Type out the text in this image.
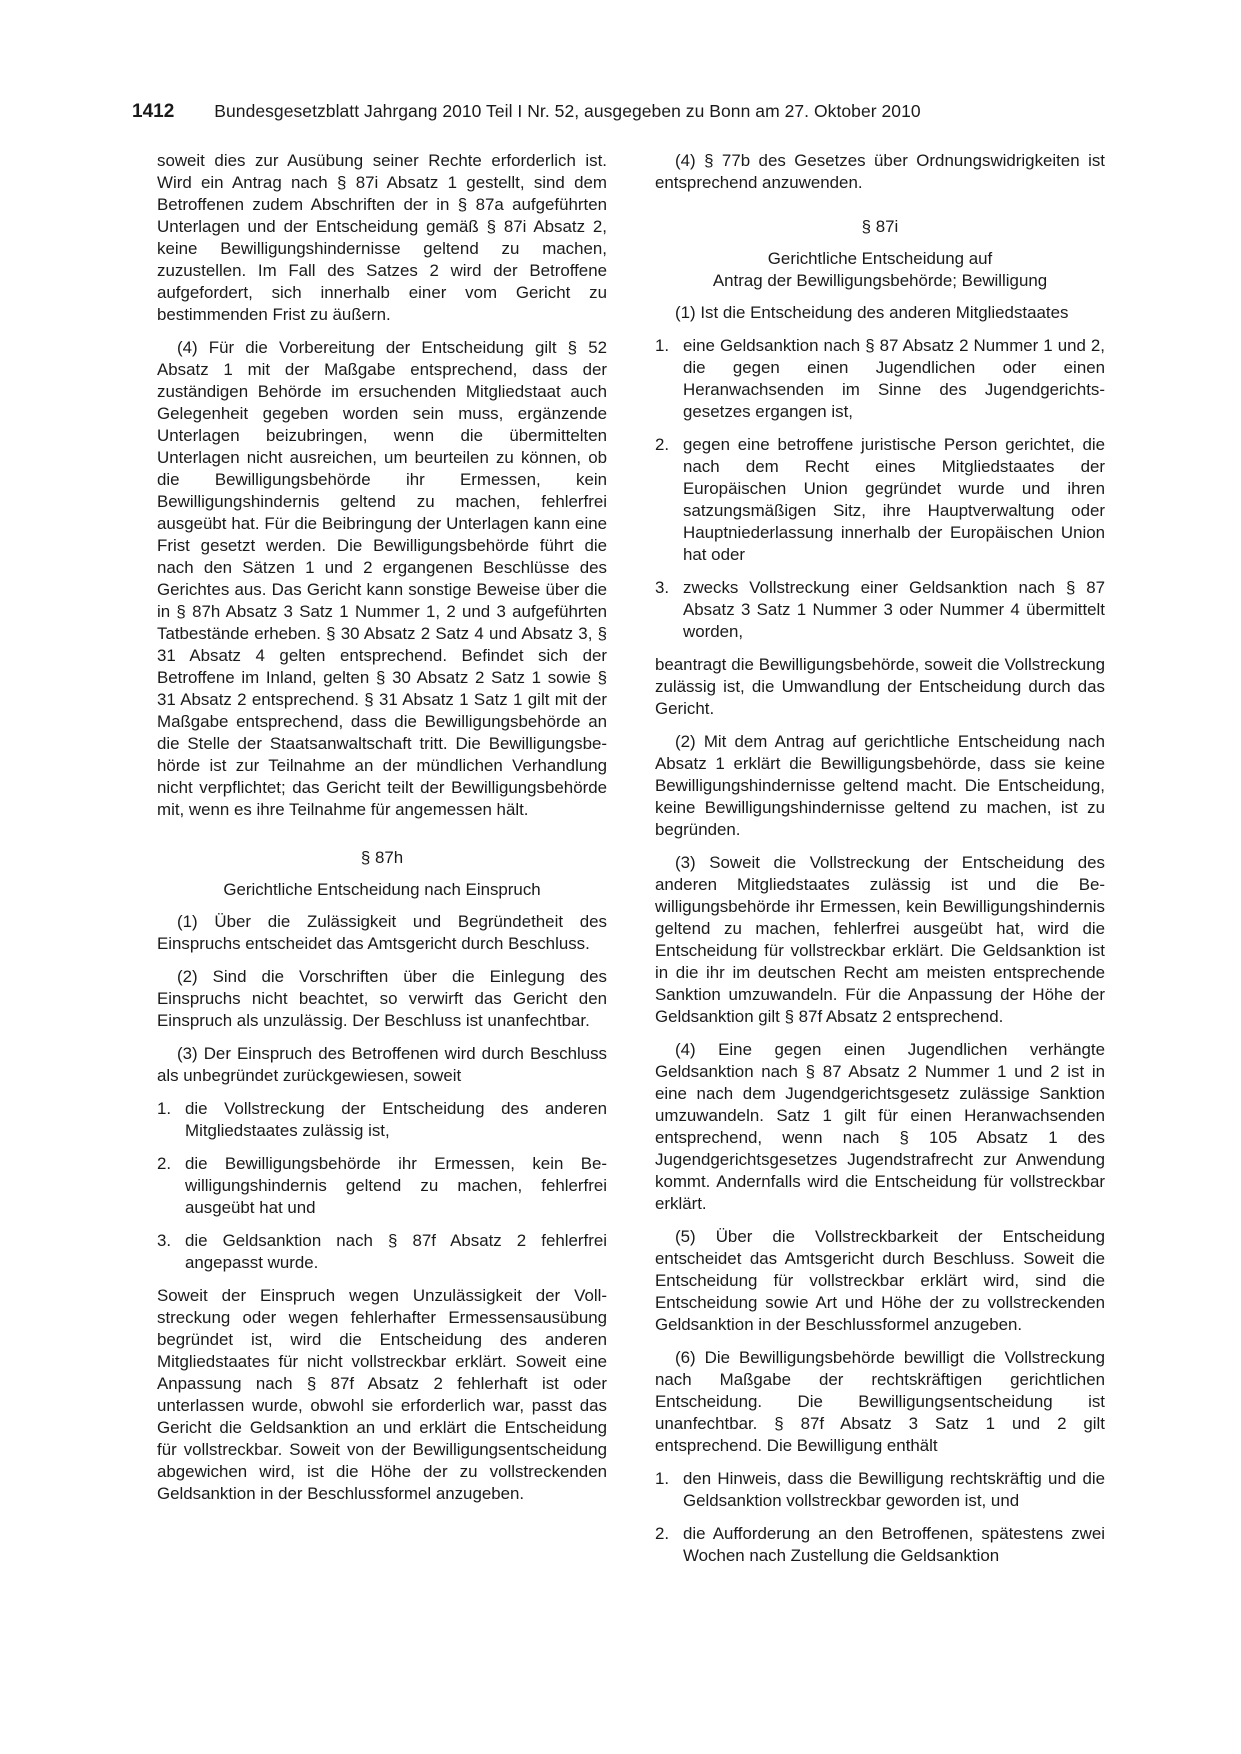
1412 Bundesgesetzblatt Jahrgang 2010 Teil I Nr. 52, ausgegeben zu Bonn am 27. Oktober 2010

soweit dies zur Ausübung seiner Rechte erforderlich ist. Wird ein Antrag nach § 87i Absatz 1 gestellt, sind dem Betroffenen zudem Abschriften der in § 87a aufgeführten Unterlagen und der Entscheidung gemäß § 87i Absatz 2, keine Bewilligungshindernisse geltend zu machen, zuzustellen. Im Fall des Satzes 2 wird der Betroffene aufgefordert, sich innerhalb einer vom Gericht zu bestimmenden Frist zu äußern.

(4) Für die Vorbereitung der Entscheidung gilt § 52 Absatz 1 mit der Maßgabe entsprechend, dass der zuständigen Behörde im ersuchenden Mitgliedstaat auch Gelegenheit gegeben worden sein muss, ergänzende Unterlagen beizubringen, wenn die übermittelten Unterlagen nicht ausreichen, um beurteilen zu können, ob die Bewilligungsbehörde ihr Ermessen, kein Bewilligungshindernis geltend zu machen, fehlerfrei ausgeübt hat. Für die Beibringung der Unterlagen kann eine Frist gesetzt werden. Die Bewilligungsbehörde führt die nach den Sätzen 1 und 2 ergangenen Beschlüsse des Gerichtes aus. Das Gericht kann sonstige Beweise über die in § 87h Absatz 3 Satz 1 Nummer 1, 2 und 3 aufgeführten Tatbestände erheben. § 30 Absatz 2 Satz 4 und Absatz 3, § 31 Absatz 4 gelten entsprechend. Befindet sich der Betroffene im Inland, gelten § 30 Absatz 2 Satz 1 sowie § 31 Absatz 2 entsprechend. § 31 Absatz 1 Satz 1 gilt mit der Maßgabe entsprechend, dass die Bewilligungsbehörde an die Stelle der Staatsanwaltschaft tritt. Die Bewilligungsbehörde ist zur Teilnahme an der mündlichen Verhandlung nicht verpflichtet; das Gericht teilt der Bewilligungsbehörde mit, wenn es ihre Teilnahme für angemessen hält.

§ 87h
Gerichtliche Entscheidung nach Einspruch

(1) Über die Zulässigkeit und Begründetheit des Einspruchs entscheidet das Amtsgericht durch Beschluss.

(2) Sind die Vorschriften über die Einlegung des Einspruchs nicht beachtet, so verwirft das Gericht den Einspruch als unzulässig. Der Beschluss ist unanfechtbar.

(3) Der Einspruch des Betroffenen wird durch Beschluss als unbegründet zurückgewiesen, soweit

1. die Vollstreckung der Entscheidung des anderen Mitgliedstaates zulässig ist,
2. die Bewilligungsbehörde ihr Ermessen, kein Bewilligungshindernis geltend zu machen, fehlerfrei ausgeübt hat und
3. die Geldsanktion nach § 87f Absatz 2 fehlerfrei angepasst wurde.

Soweit der Einspruch wegen Unzulässigkeit der Vollstreckung oder wegen fehlerhafter Ermessensausübung begründet ist, wird die Entscheidung des anderen Mitgliedstaates für nicht vollstreckbar erklärt. Soweit eine Anpassung nach § 87f Absatz 2 fehlerhaft ist oder unterlassen wurde, obwohl sie erforderlich war, passt das Gericht die Geldsanktion an und erklärt die Entscheidung für vollstreckbar. Soweit von der Bewilligungsentscheidung abgewichen wird, ist die Höhe der zu vollstreckenden Geldsanktion in der Beschlussformel anzugeben.

(4) § 77b des Gesetzes über Ordnungswidrigkeiten ist entsprechend anzuwenden.

§ 87i
Gerichtliche Entscheidung auf
Antrag der Bewilligungsbehörde; Bewilligung

(1) Ist die Entscheidung des anderen Mitgliedstaates

1. eine Geldsanktion nach § 87 Absatz 2 Nummer 1 und 2, die gegen einen Jugendlichen oder einen Heranwachsenden im Sinne des Jugendgerichtsgesetzes ergangen ist,
2. gegen eine betroffene juristische Person gerichtet, die nach dem Recht eines Mitgliedstaates der Europäischen Union gegründet wurde und ihren satzungsmäßigen Sitz, ihre Hauptverwaltung oder Hauptniederlassung innerhalb der Europäischen Union hat oder
3. zwecks Vollstreckung einer Geldsanktion nach § 87 Absatz 3 Satz 1 Nummer 3 oder Nummer 4 übermittelt worden,

beantragt die Bewilligungsbehörde, soweit die Vollstreckung zulässig ist, die Umwandlung der Entscheidung durch das Gericht.

(2) Mit dem Antrag auf gerichtliche Entscheidung nach Absatz 1 erklärt die Bewilligungsbehörde, dass sie keine Bewilligungshindernisse geltend macht. Die Entscheidung, keine Bewilligungshindernisse geltend zu machen, ist zu begründen.

(3) Soweit die Vollstreckung der Entscheidung des anderen Mitgliedstaates zulässig ist und die Bewilligungsbehörde ihr Ermessen, kein Bewilligungshindernis geltend zu machen, fehlerfrei ausgeübt hat, wird die Entscheidung für vollstreckbar erklärt. Die Geldsanktion ist in die ihr im deutschen Recht am meisten entsprechende Sanktion umzuwandeln. Für die Anpassung der Höhe der Geldsanktion gilt § 87f Absatz 2 entsprechend.

(4) Eine gegen einen Jugendlichen verhängte Geldsanktion nach § 87 Absatz 2 Nummer 1 und 2 ist in eine nach dem Jugendgerichtsgesetz zulässige Sanktion umzuwandeln. Satz 1 gilt für einen Heranwachsenden entsprechend, wenn nach § 105 Absatz 1 des Jugendgerichtsgesetzes Jugendstrafrecht zur Anwendung kommt. Andernfalls wird die Entscheidung für vollstreckbar erklärt.

(5) Über die Vollstreckbarkeit der Entscheidung entscheidet das Amtsgericht durch Beschluss. Soweit die Entscheidung für vollstreckbar erklärt wird, sind die Entscheidung sowie Art und Höhe der zu vollstreckenden Geldsanktion in der Beschlussformel anzugeben.

(6) Die Bewilligungsbehörde bewilligt die Vollstreckung nach Maßgabe der rechtskräftigen gerichtlichen Entscheidung. Die Bewilligungsentscheidung ist unanfechtbar. § 87f Absatz 3 Satz 1 und 2 gilt entsprechend. Die Bewilligung enthält

1. den Hinweis, dass die Bewilligung rechtskräftig und die Geldsanktion vollstreckbar geworden ist, und
2. die Aufforderung an den Betroffenen, spätestens zwei Wochen nach Zustellung die Geldsanktion
